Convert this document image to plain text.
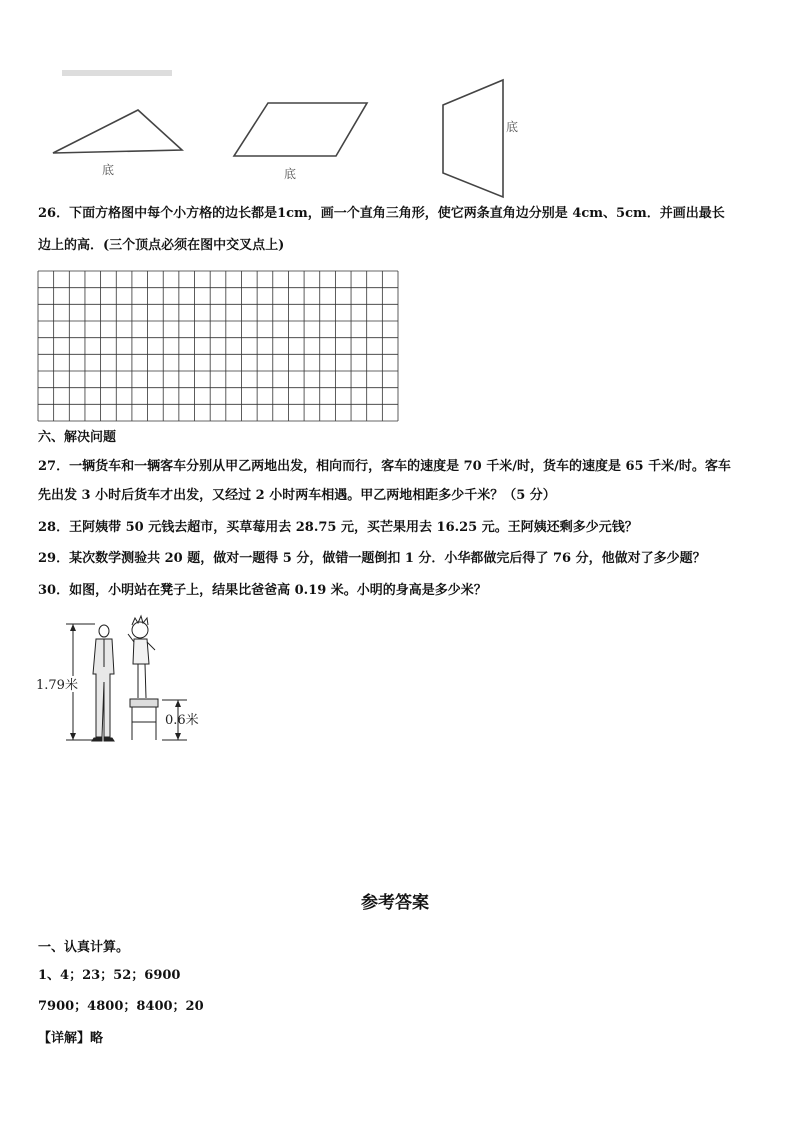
底	底
底
26．下面方格图中每个小方格的边长都是1cm，画一个直角三角形，使它两条直角边分别是 4cm、5cm．并画出最长
边上的高．(三个顶点必须在图中交叉点上)
六、解决问题
27．一辆货车和一辆客车分别从甲乙两地出发，相向而行，客车的速度是 70 千米/时，货车的速度是 65 千米/时。客车
先出发 3 小时后货车才出发，又经过 2 小时两车相遇。甲乙两地相距多少千米？（5 分）
28．王阿姨带 50 元钱去超市，买草莓用去 28.75 元，买芒果用去 16.25 元。王阿姨还剩多少元钱？
29．某次数学测验共 20 题，做对一题得 5 分，做错一题倒扣 1 分．小华都做完后得了 76 分，他做对了多少题？
30．如图，小明站在凳子上，结果比爸爸高 0.19 米。小明的身高是多少米？
1.79米
0.6米
参考答案
一、认真计算。
1、4；23；52；6900
7900；4800；8400；20
【详解】略
